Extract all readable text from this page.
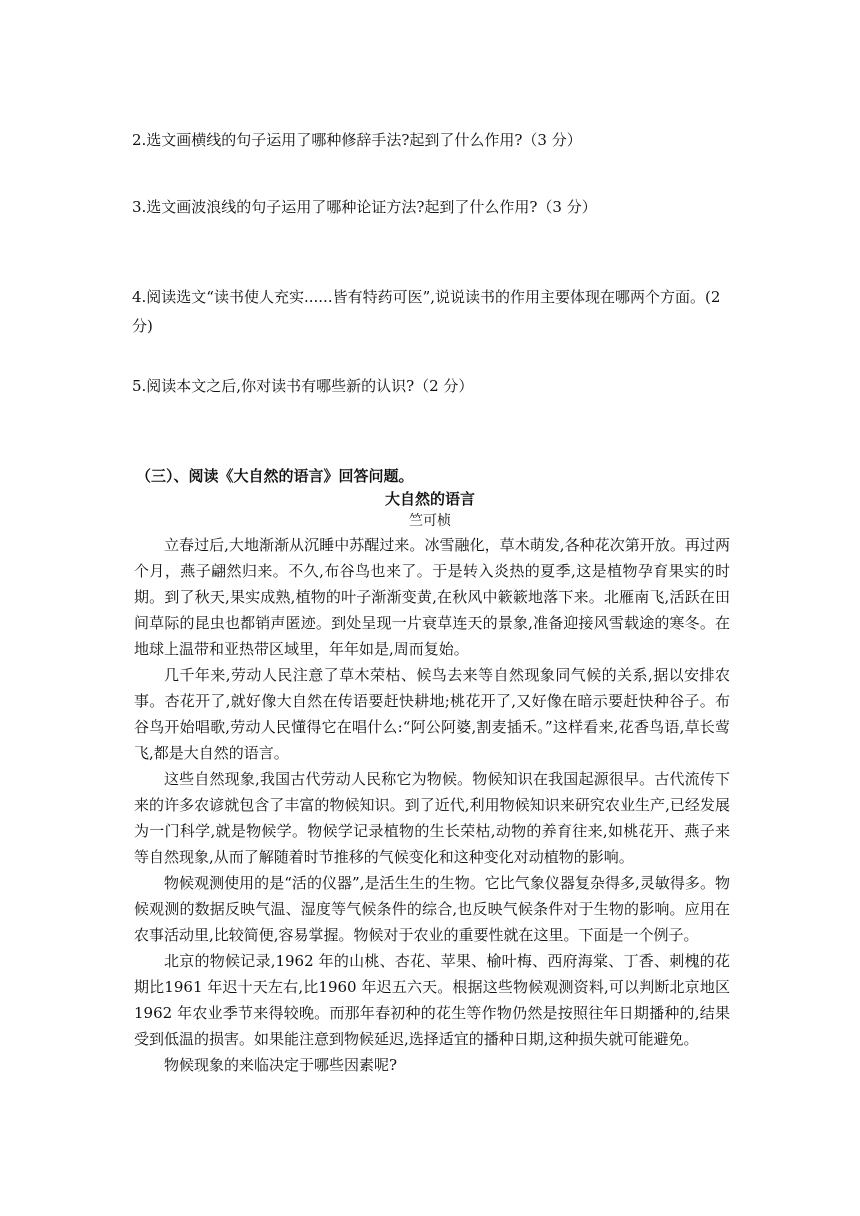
2.选文画横线的句子运用了哪种修辞手法?起到了什么作用?（3 分）

3.选文画波浪线的句子运用了哪种论证方法?起到了什么作用?（3 分）

4.阅读选文“读书使人充实......皆有特药可医”,说说读书的作用主要体现在哪两个方面。(2 分)

5.阅读本文之后,你对读书有哪些新的认识?（2 分）

（三）、阅读《大自然的语言》回答问题。
大自然的语言
竺可桢

立春过后,大地渐渐从沉睡中苏醒过来。冰雪融化，草木萌发,各种花次第开放。再过两个月，燕子翩然归来。不久,布谷鸟也来了。于是转入炎热的夏季,这是植物孕育果实的时期。到了秋天,果实成熟,植物的叶子渐渐变黄,在秋风中簌簌地落下来。北雁南飞,活跃在田间草际的昆虫也都销声匿迹。到处呈现一片衰草连天的景象,准备迎接风雪载途的寒冬。在地球上温带和亚热带区域里，年年如是,周而复始。

几千年来,劳动人民注意了草木荣枯、候鸟去来等自然现象同气候的关系,据以安排农事。杏花开了,就好像大自然在传语要赶快耕地;桃花开了,又好像在暗示要赶快种谷子。布谷鸟开始唱歌,劳动人民懂得它在唱什么:“阿公阿婆,割麦插禾。”这样看来,花香鸟语,草长莺飞,都是大自然的语言。

这些自然现象,我国古代劳动人民称它为物候。物候知识在我国起源很早。古代流传下来的许多农谚就包含了丰富的物候知识。到了近代,利用物候知识来研究农业生产,已经发展为一门科学,就是物候学。物候学记录植物的生长荣枯,动物的养育往来,如桃花开、燕子来等自然现象,从而了解随着时节推移的气候变化和这种变化对动植物的影响。

物候观测使用的是“活的仪器”,是活生生的生物。它比气象仪器复杂得多,灵敏得多。物候观测的数据反映气温、湿度等气候条件的综合,也反映气候条件对于生物的影响。应用在农事活动里,比较简便,容易掌握。物候对于农业的重要性就在这里。下面是一个例子。

北京的物候记录,1962 年的山桃、杏花、苹果、榆叶梅、西府海棠、丁香、刺槐的花期比1961 年迟十天左右,比1960 年迟五六天。根据这些物候观测资料,可以判断北京地区 1962 年农业季节来得较晚。而那年春初种的花生等作物仍然是按照往年日期播种的,结果受到低温的损害。如果能注意到物候延迟,选择适宜的播种日期,这种损失就可能避免。

物候现象的来临决定于哪些因素呢?
